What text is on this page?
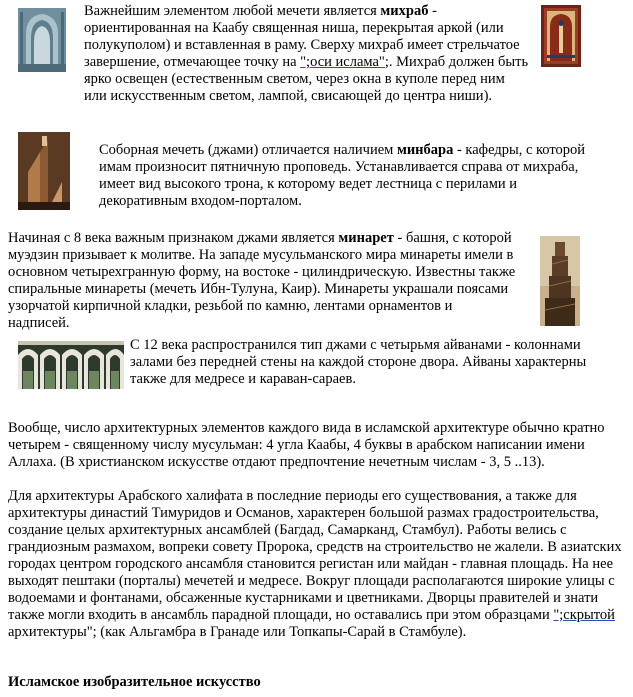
Важнейшим элементом любой мечети является михраб - ориентированная на Каабу священная ниша, перекрытая аркой (или полукуполом) и вставленная в раму. Сверху михраб имеет стрельчатое завершение, отмечающее точку на ";оси ислама";. Михраб должен быть ярко освещен (естественным светом, через окна в куполе перед ним или искусственным светом, лампой, свисающей до центра ниши).

Соборная мечеть (джами) отличается наличием минбара - кафедры, с которой имам произносит пятничную проповедь. Устанавливается справа от михраба, имеет вид высокого трона, к которому ведет лестница с перилами и декоративным входом-порталом.

Начиная с 8 века важным признаком джами является минарет - башня, с которой муэдзин призывает к молитве. На западе мусульманского мира минареты имели в основном четырехгранную форму, на востоке - цилиндрическую. Известны также спиральные минареты (мечеть Ибн-Тулуна, Каир). Минареты украшали поясами узорчатой кирпичной кладки, резьбой по камню, лентами орнаментов и надписей.

С 12 века распространился тип джами с четырьмя айванами - колоннами залами без передней стены на каждой стороне двора. Айваны характерны также для медресе и караван-сараев.

Вообще, число архитектурных элементов каждого вида в исламской архитектуре обычно кратно четырем - священному числу мусульман: 4 угла Каабы, 4 буквы в арабском написании имени Аллаха. (В христианском искусстве отдают предпочтение нечетным числам - 3, 5 ..13).

Для архитектуры Арабского халифата в последние периоды его существования, а также для архитектуры династий Тимуридов и Османов, характерен большой размах градостроительства, создание целых архитектурных ансамблей (Багдад, Самарканд, Стамбул). Работы велись с грандиозным размахом, вопреки совету Пророка, средств на строительство не жалели. В азиатских городах центром городского ансамбля становится регистан или майдан - главная площадь. На нее выходят пештаки (порталы) мечетей и медресе. Вокруг площади располагаются широкие улицы с водоемами и фонтанами, обсаженные кустарниками и цветниками. Дворцы правителей и знати также могли входить в ансамбль парадной площади, но оставались при этом образцами ";скрытой архитектуры"; (как Альгамбра в Гранаде или Топкапы-Сарай в Стамбуле).

Исламское изобразительное искусство
